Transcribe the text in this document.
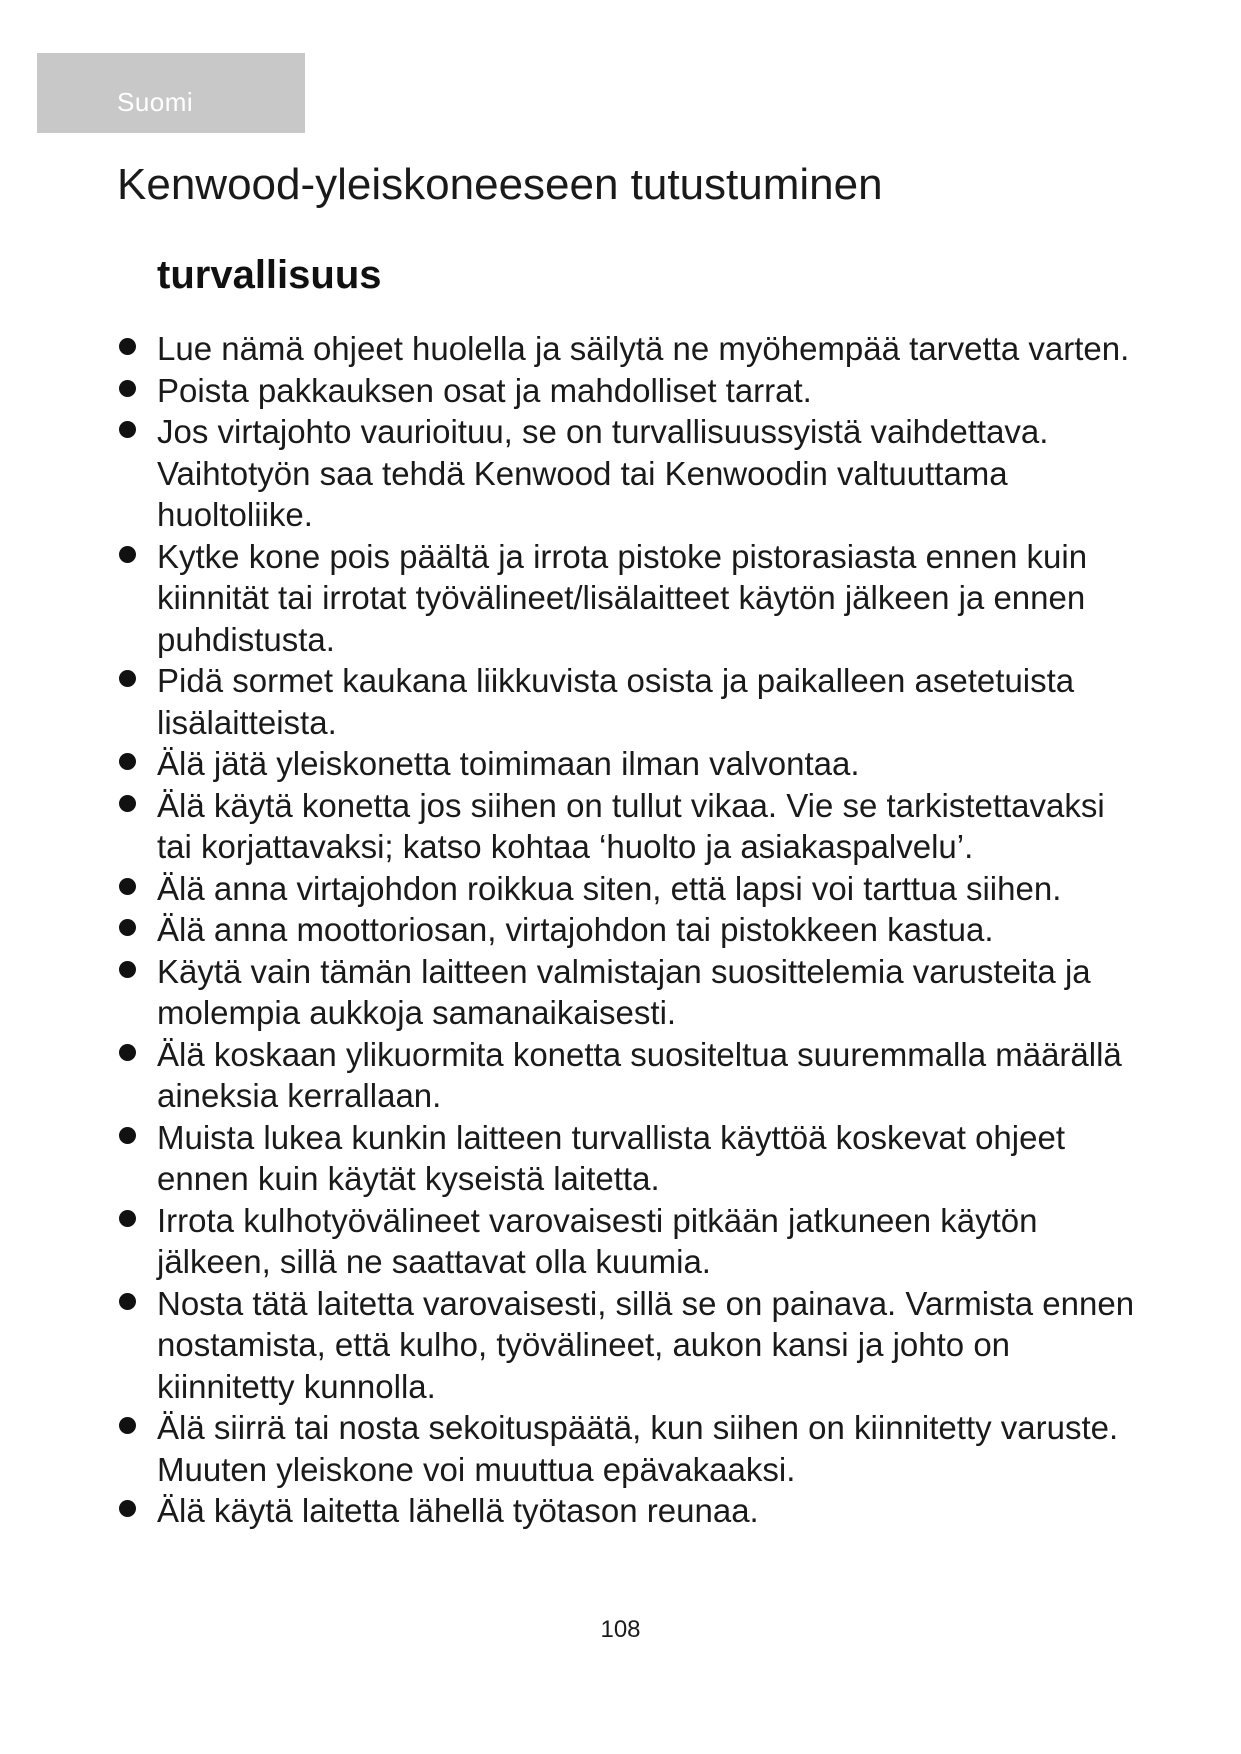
Suomi
Kenwood-yleiskoneeseen tutustuminen
turvallisuus
Lue nämä ohjeet huolella ja säilytä ne myöhempää tarvetta varten.
Poista pakkauksen osat ja mahdolliset tarrat.
Jos virtajohto vaurioituu, se on turvallisuussyistä vaihdettava. Vaihtotyön saa tehdä Kenwood tai Kenwoodin valtuuttama huoltoliike.
Kytke kone pois päältä ja irrota pistoke pistorasiasta ennen kuin kiinnität tai irrotat työvälineet/lisälaitteet käytön jälkeen ja ennen puhdistusta.
Pidä sormet kaukana liikkuvista osista ja paikalleen asetetuista lisälaitteista.
Älä jätä yleiskonetta toimimaan ilman valvontaa.
Älä käytä konetta jos siihen on tullut vikaa. Vie se tarkistettavaksi tai korjattavaksi; katso kohtaa ‘huolto ja asiakaspalvelu’.
Älä anna virtajohdon roikkua siten, että lapsi voi tarttua siihen.
Älä anna moottoriosan, virtajohdon tai pistokkeen kastua.
Käytä vain tämän laitteen valmistajan suosittelemia varusteita ja molempia aukkoja samanaikaisesti.
Älä koskaan ylikuormita konetta suositeltua suuremmalla määrällä aineksia kerrallaan.
Muista lukea kunkin laitteen turvallista käyttöä koskevat ohjeet ennen kuin käytät kyseistä laitetta.
Irrota kulhotyövälineet varovaisesti pitkään jatkuneen käytön jälkeen, sillä ne saattavat olla kuumia.
Nosta tätä laitetta varovaisesti, sillä se on painava. Varmista ennen nostamista, että kulho, työvälineet, aukon kansi ja johto on kiinnitetty kunnolla.
Älä siirrä tai nosta sekoituspäätä, kun siihen on kiinnitetty varuste. Muuten yleiskone voi muuttua epävakaaksi.
Älä käytä laitetta lähellä työtason reunaa.
108
